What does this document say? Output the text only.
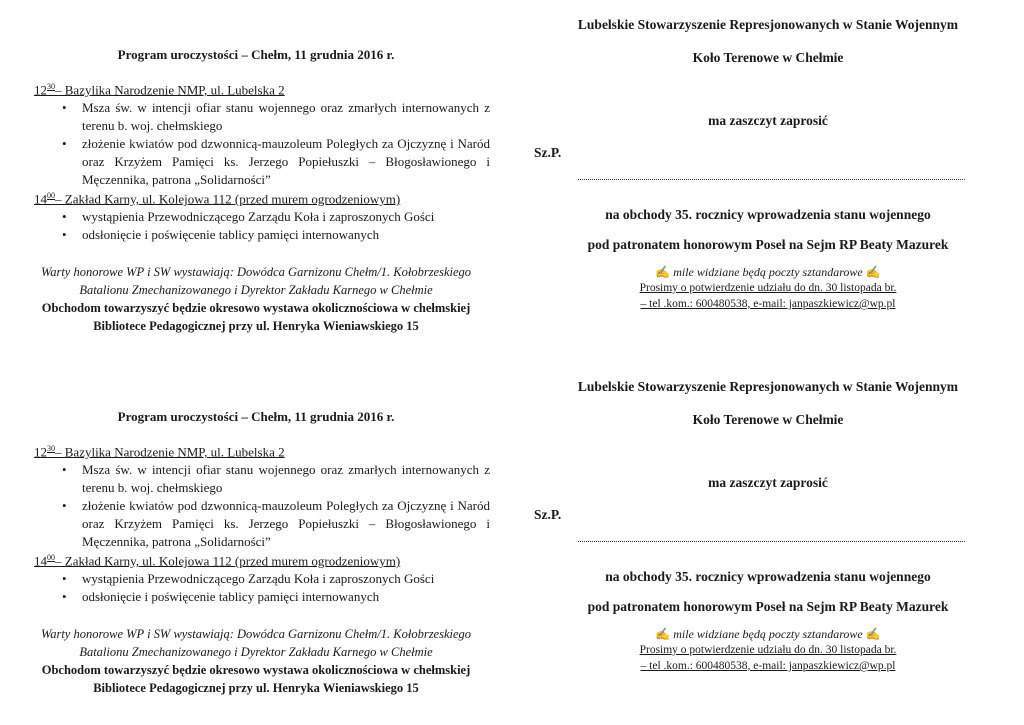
Program uroczystości – Chełm, 11 grudnia 2016 r.
$12^{30}-$ Bazylika Narodzenie NMP, ul. Lubelska 2
• Msza św. w intencji ofiar stanu wojennego oraz zmarłych internowanych z terenu b. woj. chełmskiego
• złożenie kwiatów pod dzwonnicą-mauzoleum Poległych za Ojczyznę i Naród oraz Krzyżem Pamięci ks. Jerzego Popiełuszki – Błogosławionego i Męczennika, patrona „Solidarności”
$14^{00}-$ Zakład Karny, ul. Kolejowa 112 (przed murem ogrodzeniowym)
• wystąpienia Przewodniczącego Zarządu Koła i zaproszonych Gości
• odsłonięcie i poświęcenie tablicy pamięci internowanych
Warty honorowe WP i SW wystawiają: Dowódca Garnizonu Chełm/1. Kołobrzeskiego
Batalionu Zmechanizowanego i Dyrektor Zakładu Karnego w Chełmie
Obchodom towarzyszyć będzie okresowo wystawa okolicznościowa w chełmskiej
Bibliotece Pedagogicznej przy ul. Henryka Wieniawskiego 15
Lubelskie Stowarzyszenie Represjonowanych w Stanie Wojennym
Koło Terenowe w Chełmie
ma zaszczyt zaprosić
Sz.P.
na obchody 35. rocznicy wprowadzenia stanu wojennego
pod patronatem honorowym Poseł na Sejm RP Beaty Mazurek
✍ mile widziane będą poczty sztandarowe ✍
Prosimy o potwierdzenie udziału do dn. 30 listopada br.
– tel .kom.: 600480538, e-mail: janpaszkiewicz@wp.pl
Program uroczystości – Chełm, 11 grudnia 2016 r.
$12^{30}-$ Bazylika Narodzenie NMP, ul. Lubelska 2
• Msza św. w intencji ofiar stanu wojennego oraz zmarłych internowanych z terenu b. woj. chełmskiego
• złożenie kwiatów pod dzwonnicą-mauzoleum Poległych za Ojczyznę i Naród oraz Krzyżem Pamięci ks. Jerzego Popiełuszki – Błogosławionego i Męczennika, patrona „Solidarności”
$14^{00}-$ Zakład Karny, ul. Kolejowa 112 (przed murem ogrodzeniowym)
• wystąpienia Przewodniczącego Zarządu Koła i zaproszonych Gości
• odsłonięcie i poświęcenie tablicy pamięci internowanych
Warty honorowe WP i SW wystawiają: Dowódca Garnizonu Chełm/1. Kołobrzeskiego
Batalionu Zmechanizowanego i Dyrektor Zakładu Karnego w Chełmie
Obchodom towarzyszyć będzie okresowo wystawa okolicznościowa w chełmskiej
Bibliotece Pedagogicznej przy ul. Henryka Wieniawskiego 15
Lubelskie Stowarzyszenie Represjonowanych w Stanie Wojennym
Koło Terenowe w Chełmie
ma zaszczyt zaprosić
Sz.P.
na obchody 35. rocznicy wprowadzenia stanu wojennego
pod patronatem honorowym Poseł na Sejm RP Beaty Mazurek
✍ mile widziane będą poczty sztandarowe ✍
Prosimy o potwierdzenie udziału do dn. 30 listopada br.
– tel .kom.: 600480538, e-mail: janpaszkiewicz@wp.pl
